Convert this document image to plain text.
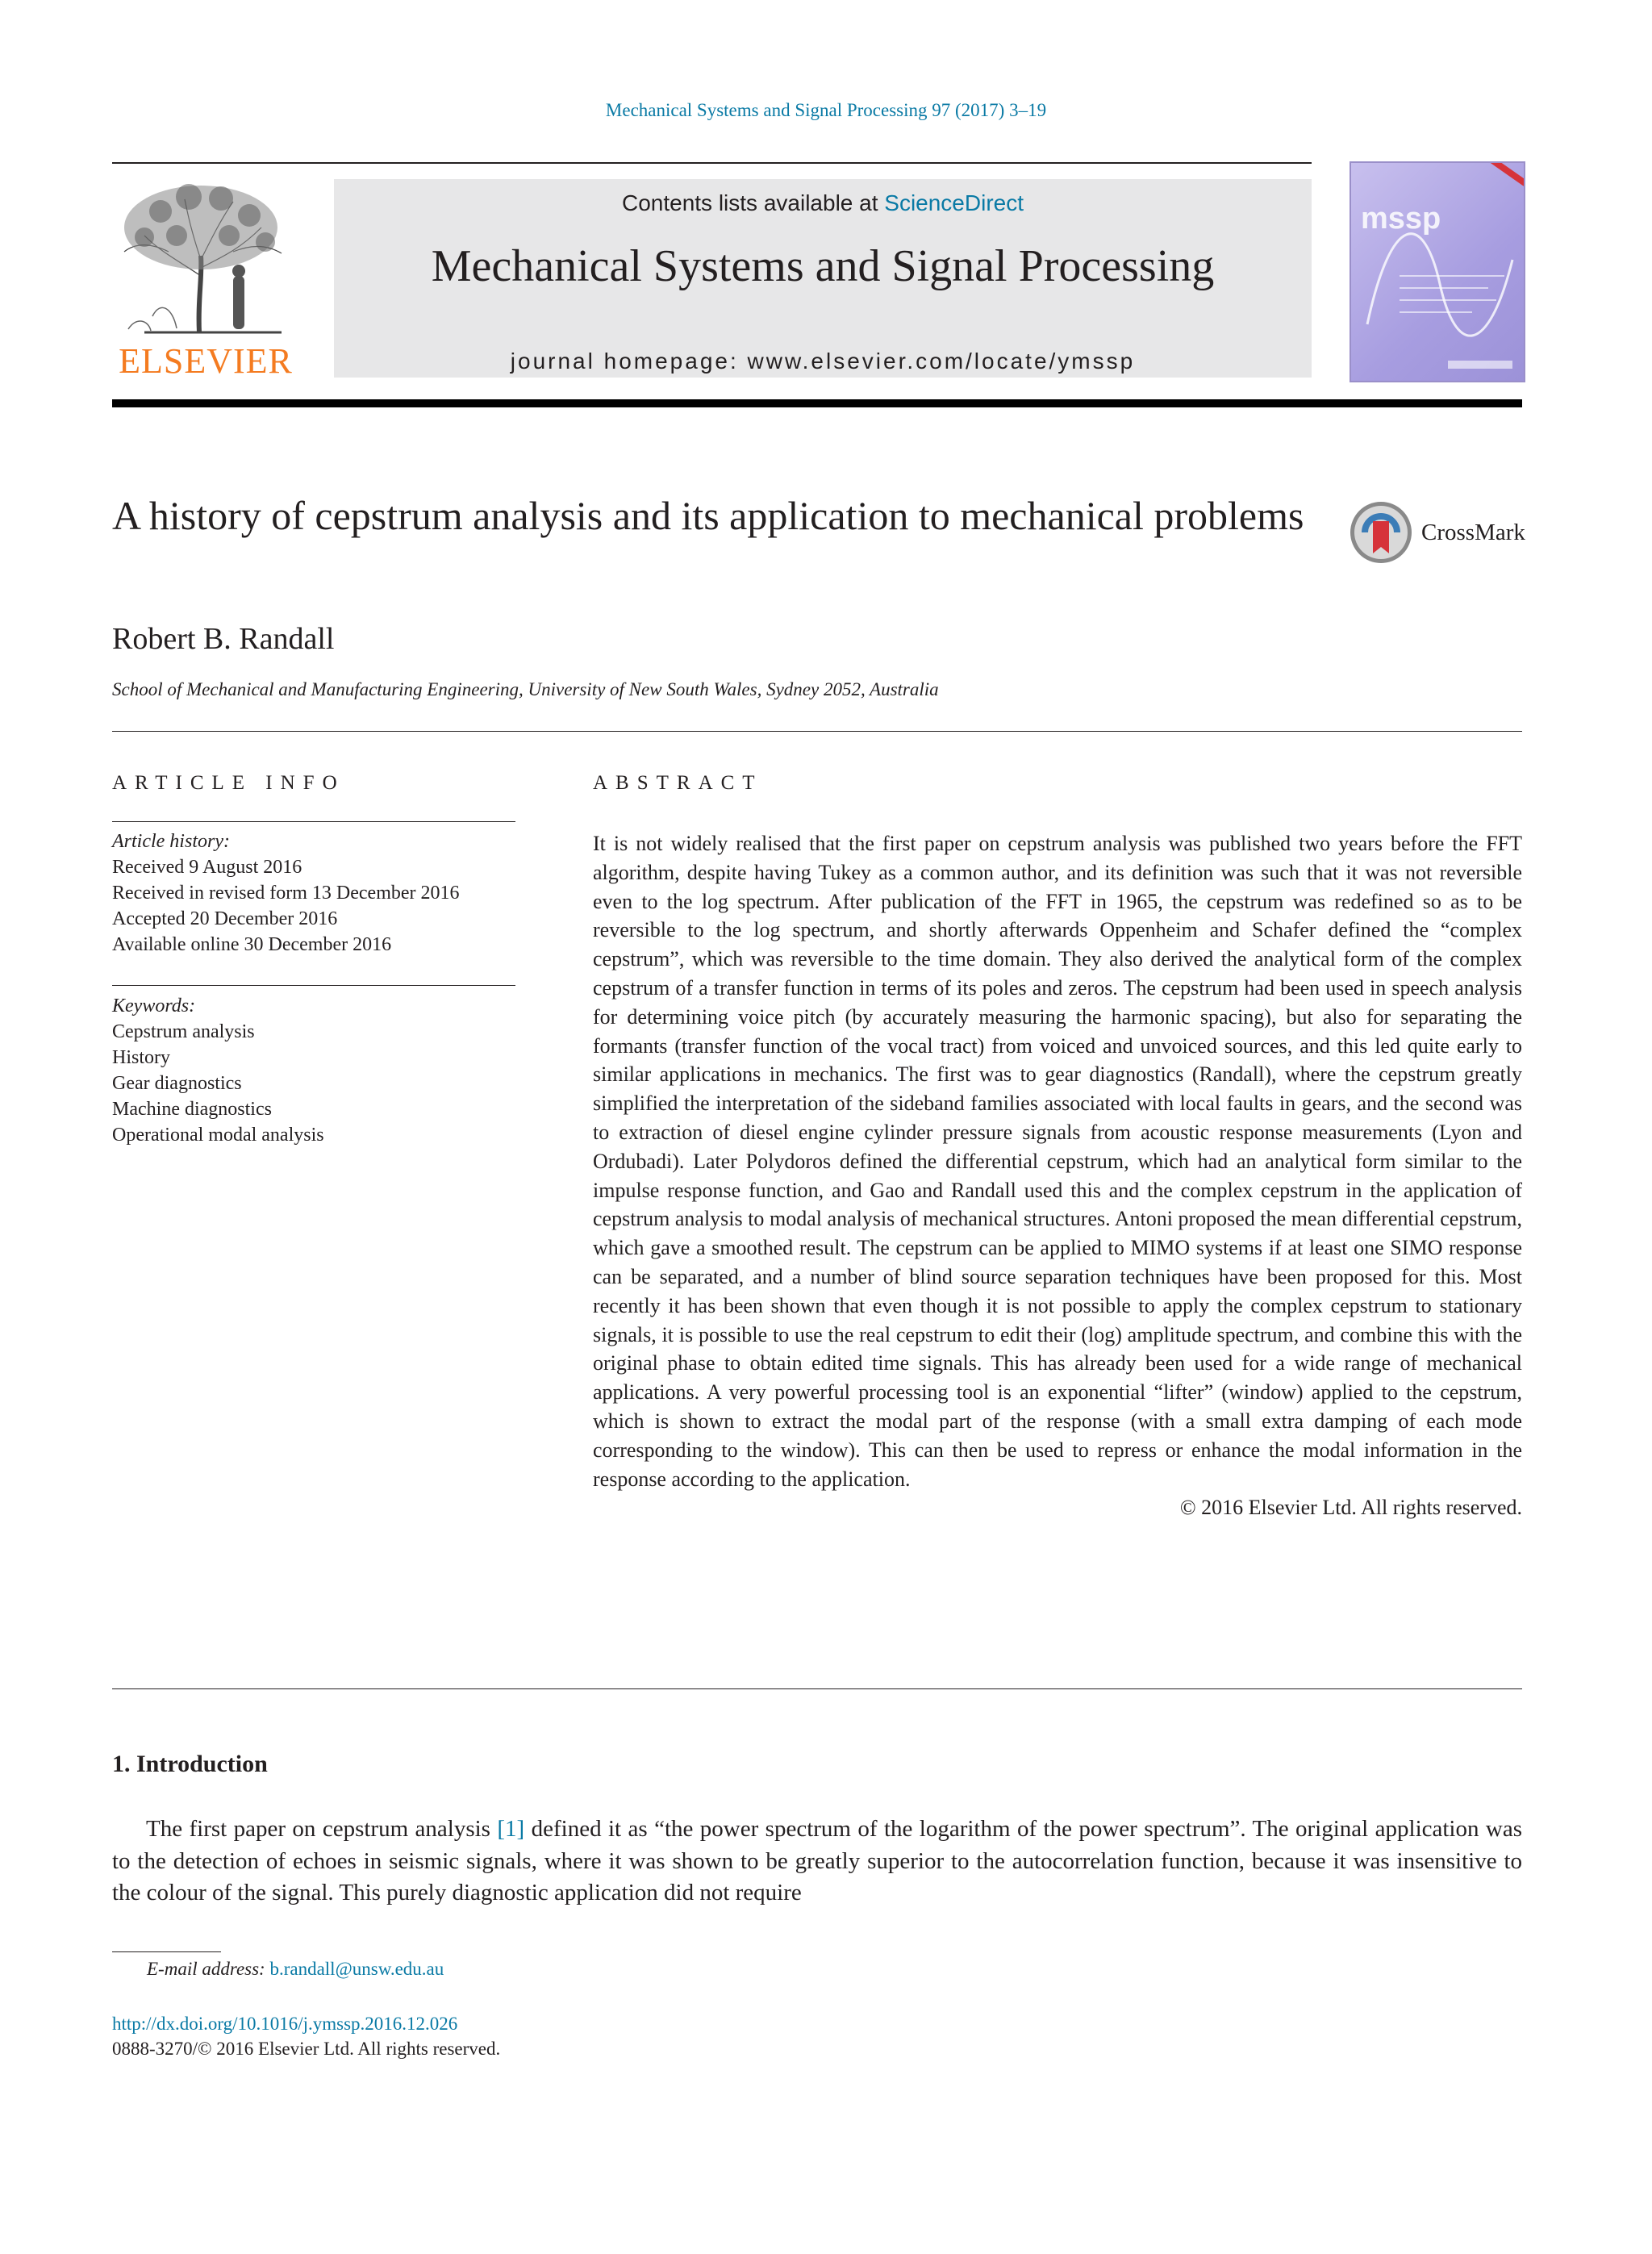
Mechanical Systems and Signal Processing 97 (2017) 3–19
ELSEVIER
Contents lists available at ScienceDirect
Mechanical Systems and Signal Processing
journal homepage: www.elsevier.com/locate/ymssp
mssp
A history of cepstrum analysis and its application to mechanical problems	CrossMark
Robert B. Randall
School of Mechanical and Manufacturing Engineering, University of New South Wales, Sydney 2052, Australia
ARTICLE INFO
Article history:
Received 9 August 2016
Received in revised form 13 December 2016
Accepted 20 December 2016
Available online 30 December 2016
Keywords:
Cepstrum analysis
History
Gear diagnostics
Machine diagnostics
Operational modal analysis
ABSTRACT
It is not widely realised that the first paper on cepstrum analysis was published two years before the FFT algorithm, despite having Tukey as a common author, and its definition was such that it was not reversible even to the log spectrum. After publication of the FFT in 1965, the cepstrum was redefined so as to be reversible to the log spectrum, and shortly afterwards Oppenheim and Schafer defined the “complex cepstrum”, which was reversible to the time domain. They also derived the analytical form of the complex cepstrum of a transfer function in terms of its poles and zeros. The cepstrum had been used in speech analysis for determining voice pitch (by accurately measuring the harmonic spacing), but also for separating the formants (transfer function of the vocal tract) from voiced and unvoiced sources, and this led quite early to similar applications in mechanics. The first was to gear diagnostics (Randall), where the cepstrum greatly simplified the interpretation of the sideband families associated with local faults in gears, and the second was to extraction of diesel engine cylinder pressure signals from acoustic response measurements (Lyon and Ordubadi). Later Polydoros defined the differential cepstrum, which had an analytical form similar to the impulse response function, and Gao and Randall used this and the complex cepstrum in the application of cepstrum analysis to modal analysis of mechanical structures. Antoni proposed the mean differential cepstrum, which gave a smoothed result. The cepstrum can be applied to MIMO systems if at least one SIMO response can be separated, and a number of blind source separation techniques have been proposed for this. Most recently it has been shown that even though it is not possible to apply the complex cepstrum to stationary signals, it is possible to use the real cepstrum to edit their (log) amplitude spectrum, and combine this with the original phase to obtain edited time signals. This has already been used for a wide range of mechanical applications. A very powerful processing tool is an exponential “lifter” (window) applied to the cepstrum, which is shown to extract the modal part of the response (with a small extra damping of each mode corresponding to the window). This can then be used to repress or enhance the modal information in the response according to the application.
© 2016 Elsevier Ltd. All rights reserved.
1. Introduction
The first paper on cepstrum analysis [1] defined it as “the power spectrum of the logarithm of the power spectrum”. The original application was to the detection of echoes in seismic signals, where it was shown to be greatly superior to the autocorrelation function, because it was insensitive to the colour of the signal. This purely diagnostic application did not require
E-mail address: b.randall@unsw.edu.au
http://dx.doi.org/10.1016/j.ymssp.2016.12.026
0888-3270/© 2016 Elsevier Ltd. All rights reserved.
